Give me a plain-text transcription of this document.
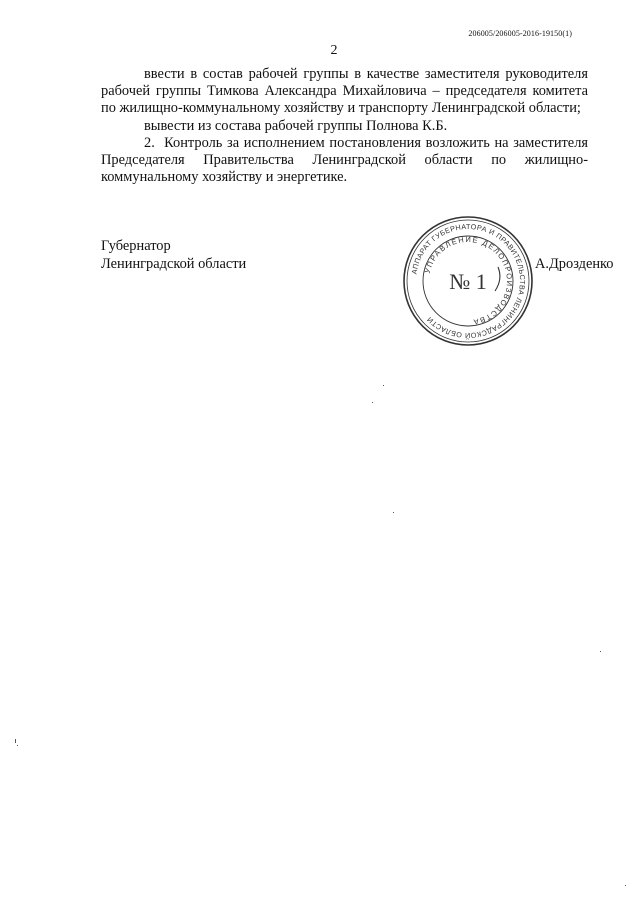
206005/206005-2016-19150(1)
2

ввести в состав рабочей группы в качестве заместителя руководителя рабочей группы Тимкова Александра Михайловича – председателя комитета по жилищно-коммунальному хозяйству и транспорту Ленинградской области;

вывести из состава рабочей группы Полнова К.Б.

2.  Контроль за исполнением постановления возложить на заместителя Председателя Правительства Ленинградской области по жилищно-коммунальному хозяйству и энергетике.

Губернатор
Ленинградской области	АППАРАТ ГУБЕРНАТОРА И ПРАВИТЕЛЬСТВА ЛЕНИНГРАДСКОЙ ОБЛАСТИ
УПРАВЛЕНИЕ ДЕЛОПРОИЗВОДСТВА
№ 1
А.Дрозденко
